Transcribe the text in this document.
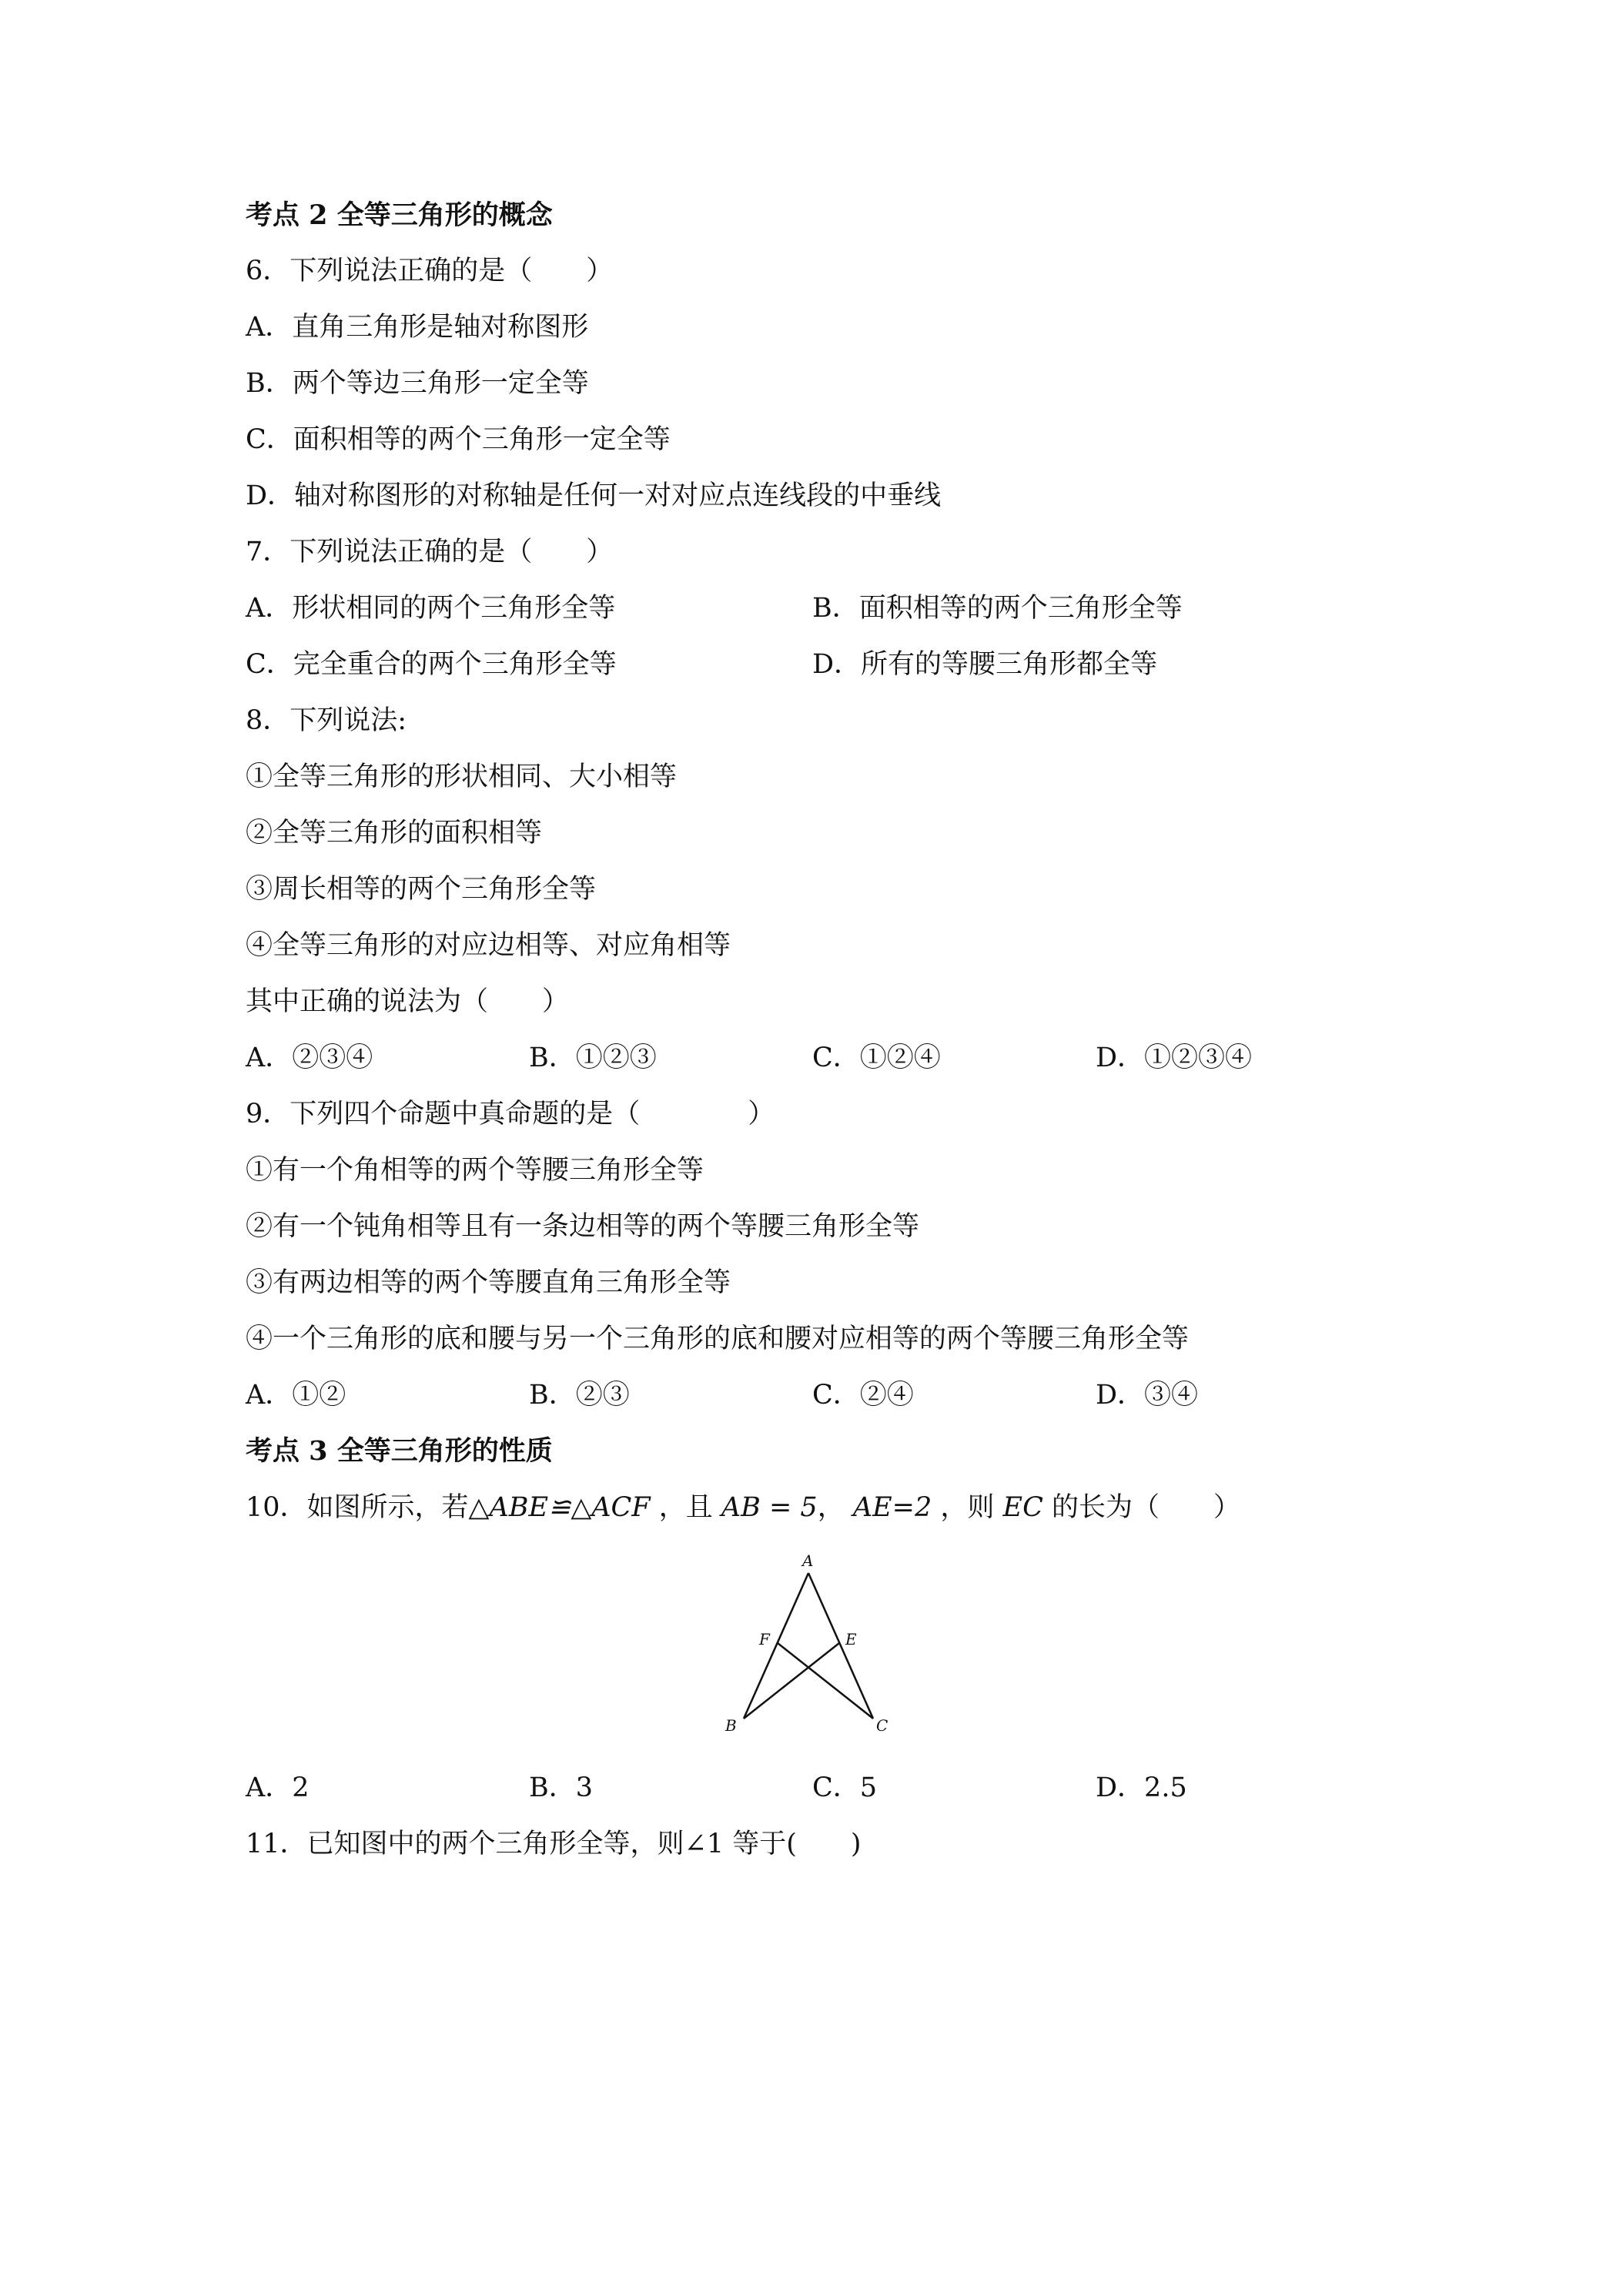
考点 2 全等三角形的概念
6．下列说法正确的是（　　）
A．直角三角形是轴对称图形
B．两个等边三角形一定全等
C．面积相等的两个三角形一定全等
D．轴对称图形的对称轴是任何一对对应点连线段的中垂线
7．下列说法正确的是（　　）
A．形状相同的两个三角形全等	B．面积相等的两个三角形全等
C．完全重合的两个三角形全等	D．所有的等腰三角形都全等
8．下列说法:
①全等三角形的形状相同、大小相等
②全等三角形的面积相等
③周长相等的两个三角形全等
④全等三角形的对应边相等、对应角相等
其中正确的说法为（　　）
A．②③④	B．①②③	C．①②④	D．①②③④
9．下列四个命题中真命题的是（　　　　）
①有一个角相等的两个等腰三角形全等
②有一个钝角相等且有一条边相等的两个等腰三角形全等
③有两边相等的两个等腰直角三角形全等
④一个三角形的底和腰与另一个三角形的底和腰对应相等的两个等腰三角形全等
A．①②	B．②③	C．②④	D．③④
考点 3 全等三角形的性质
10．如图所示，若△ABE≌△ACF ，且 AB = 5， AE=2 ，则 EC 的长为（　　）
A
F	E
B	C
A．2	B．3	C．5	D．2.5
11．已知图中的两个三角形全等，则∠1 等于(　　)
